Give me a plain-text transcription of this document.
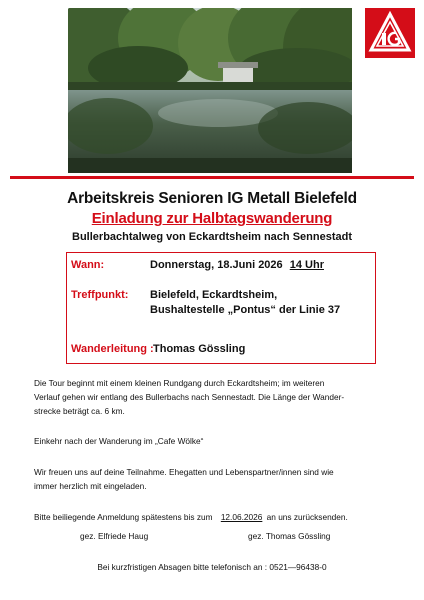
Arbeitskreis Senioren IG Metall Bielefeld
Einladung zur Halbtagswanderung
Bullerbachtalweg von Eckardtsheim nach Sennestadt
Wann:	Donnerstag, 18.Juni 2026 14 Uhr
Treffpunkt: Bielefeld, Eckardtsheim,
Bushaltestelle „Pontus“ der Linie 37
Wanderleitung : Thomas Gössling
Die Tour beginnt mit einem kleinen Rundgang durch Eckardtsheim; im weiteren
Verlauf gehen wir entlang des Bullerbachs nach Sennestadt. Die Länge der Wander-
strecke beträgt ca. 6 km.
Einkehr nach der Wanderung im „Cafe Wölke“
Wir freuen uns auf deine Teilnahme. Ehegatten und Lebenspartner/innen sind wie
immer herzlich mit eingeladen.
Bitte beiliegende Anmeldung spätestens bis zum 12.06.2026 an uns zurücksenden.
gez. Elfriede Haug	gez. Thomas Gössling
Bei kurzfristigen Absagen bitte telefonisch an : 0521—96438-0
